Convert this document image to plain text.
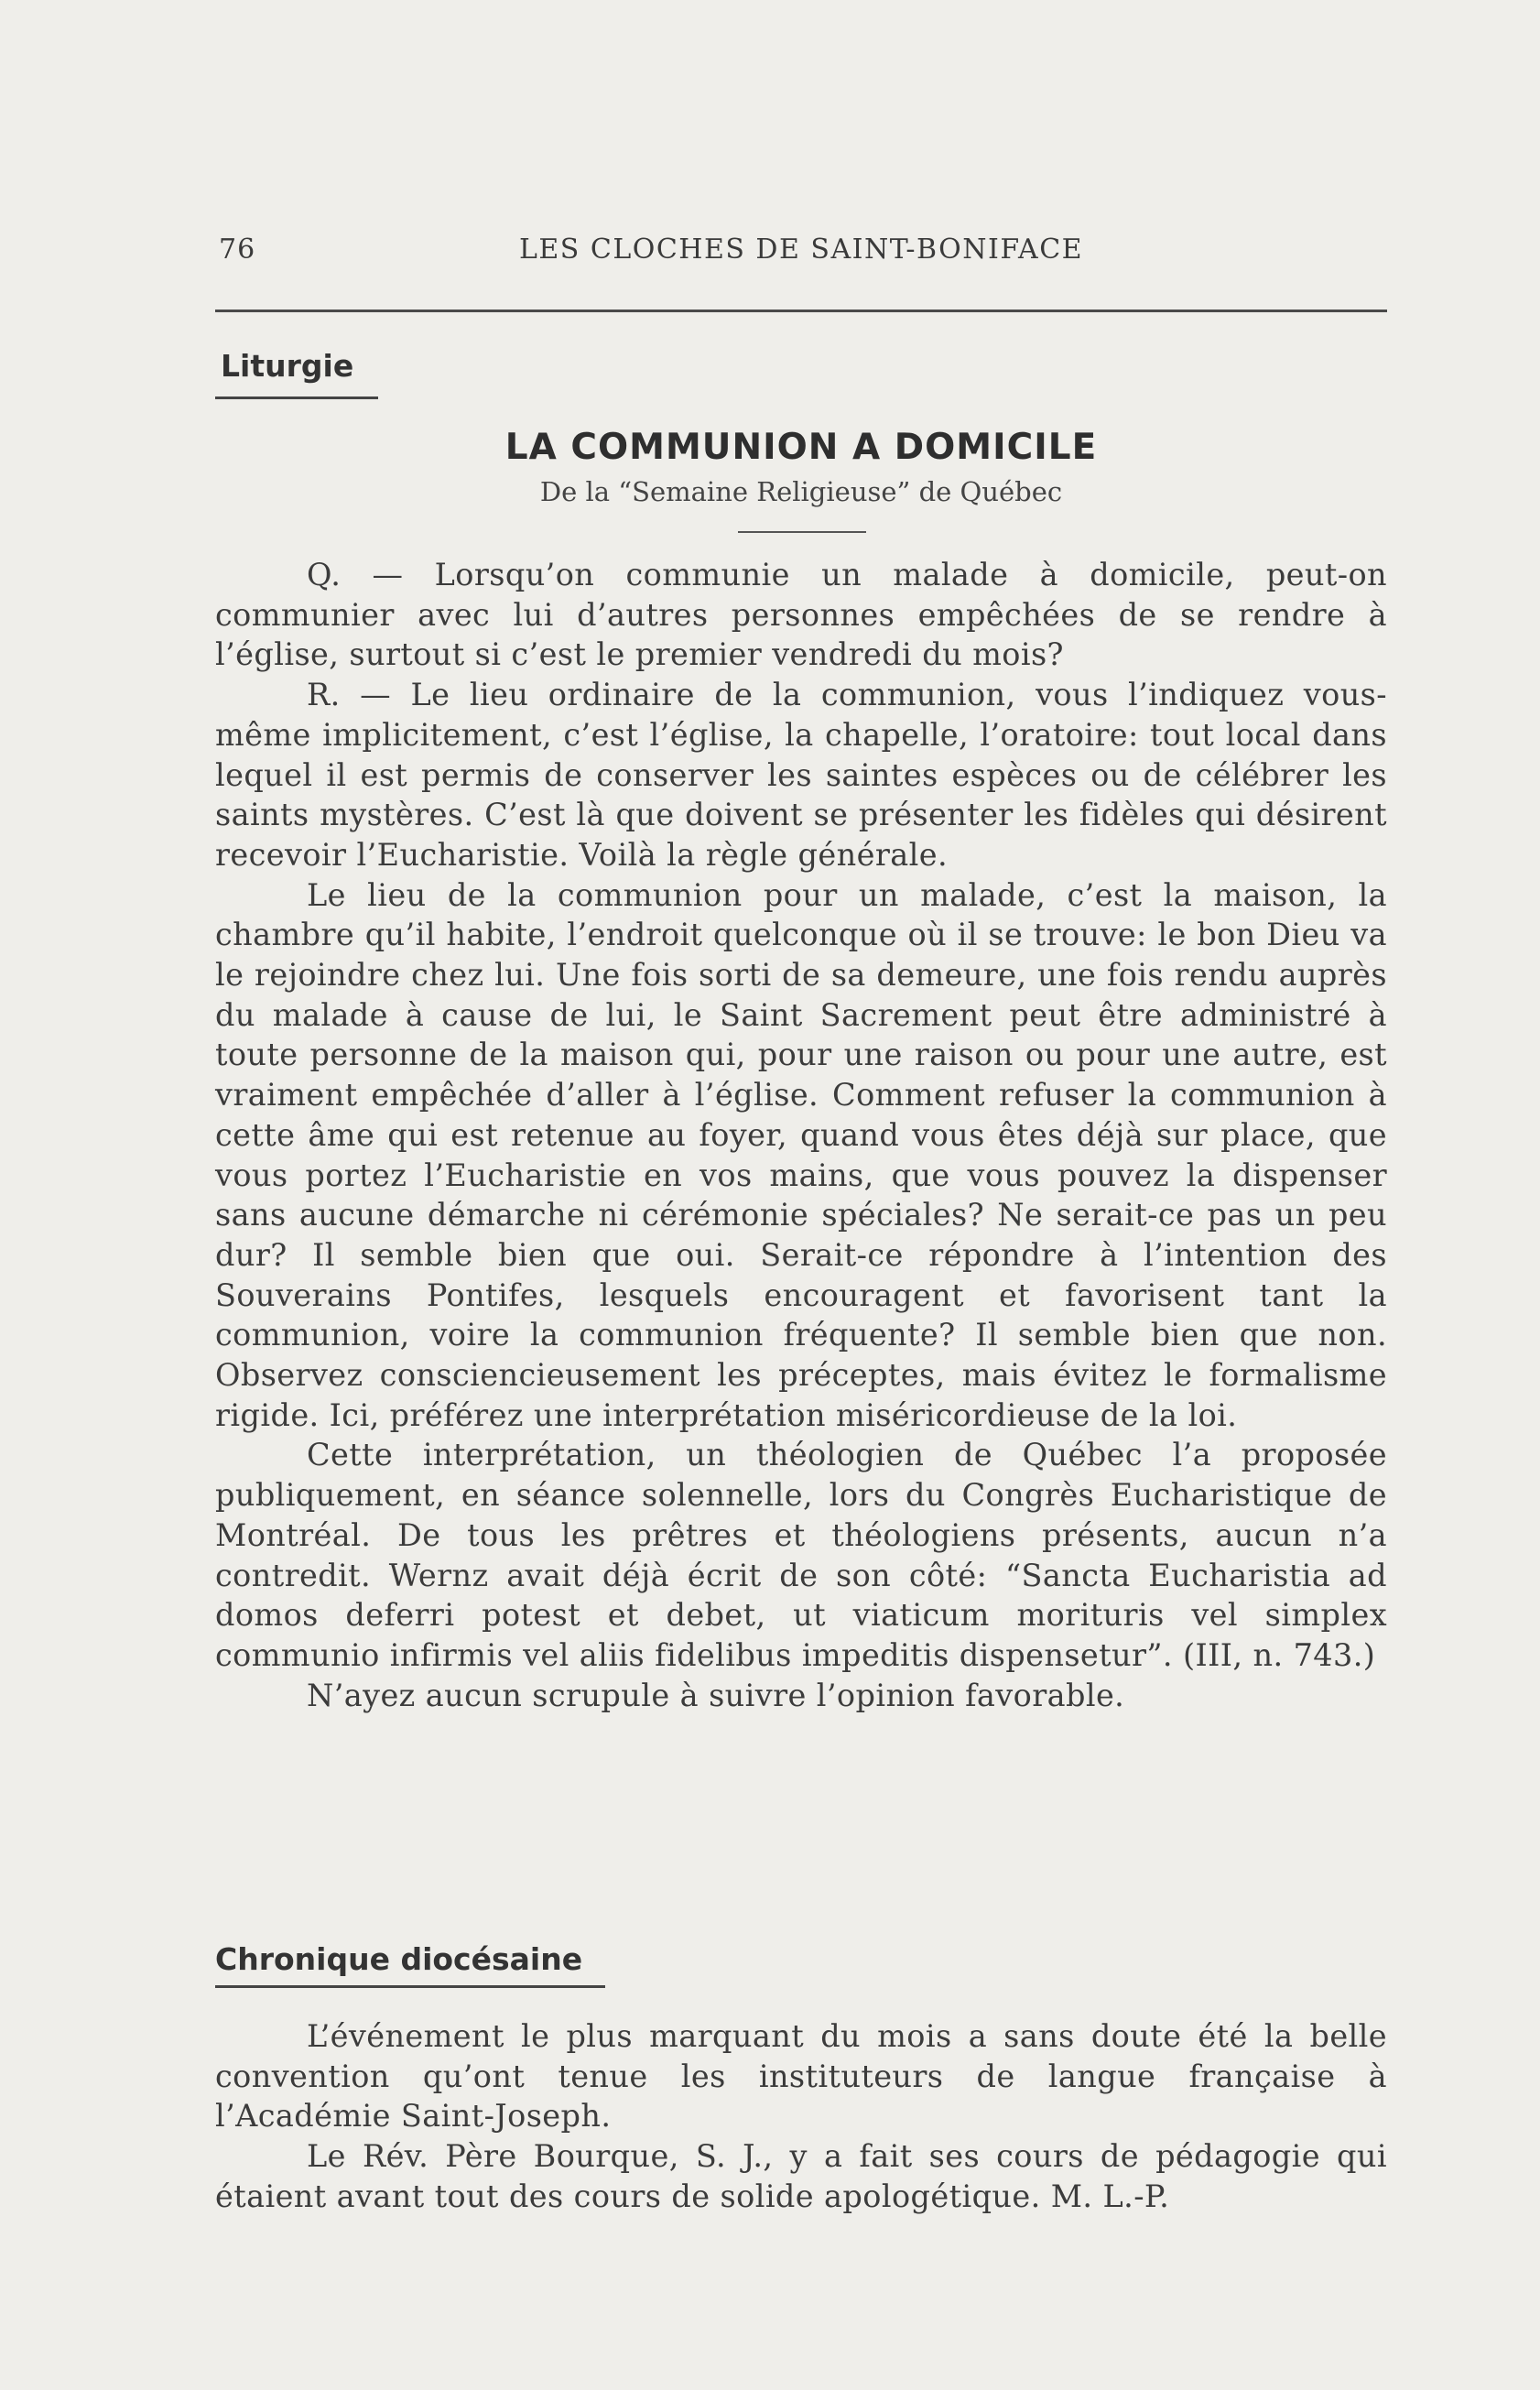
76	LES CLOCHES DE SAINT-BONIFACE
Liturgie
LA COMMUNION A DOMICILE
De la “Semaine Religieuse” de Québec

Q. — Lorsqu’on communie un malade à domicile, peut-on communier avec lui d’autres personnes empêchées de se rendre à l’église, surtout si c’est le premier vendredi du mois?

R. — Le lieu ordinaire de la communion, vous l’indiquez vous-même implicitement, c’est l’église, la chapelle, l’oratoire: tout local dans lequel il est permis de conserver les saintes espèces ou de célébrer les saints mystères. C’est là que doivent se présenter les fidèles qui désirent recevoir l’Eucharistie. Voilà la règle générale.

Le lieu de la communion pour un malade, c’est la maison, la chambre qu’il habite, l’endroit quelconque où il se trouve: le bon Dieu va le rejoindre chez lui. Une fois sorti de sa demeure, une fois rendu auprès du malade à cause de lui, le Saint Sacrement peut être administré à toute personne de la maison qui, pour une raison ou pour une autre, est vraiment empêchée d’aller à l’église. Comment refuser la communion à cette âme qui est retenue au foyer, quand vous êtes déjà sur place, que vous portez l’Eucharistie en vos mains, que vous pouvez la dispenser sans aucune démarche ni cérémonie spéciales? Ne serait-ce pas un peu dur? Il semble bien que oui. Serait-ce répondre à l’intention des Souverains Pontifes, lesquels encouragent et favorisent tant la communion, voire la communion fréquente? Il semble bien que non. Observez consciencieusement les préceptes, mais évitez le formalisme rigide. Ici, préférez une interprétation miséricordieuse de la loi.

Cette interprétation, un théologien de Québec l’a proposée publiquement, en séance solennelle, lors du Congrès Eucharistique de Montréal. De tous les prêtres et théologiens présents, aucun n’a contredit. Wernz avait déjà écrit de son côté: “Sancta Eucharistia ad domos deferri potest et debet, ut viaticum morituris vel simplex communio infirmis vel aliis fidelibus impeditis dispensetur”. (III, n. 743.)

N’ayez aucun scrupule à suivre l’opinion favorable.

Chronique diocésaine

L’événement le plus marquant du mois a sans doute été la belle convention qu’ont tenue les instituteurs de langue française à l’Académie Saint-Joseph.

Le Rév. Père Bourque, S. J., y a fait ses cours de pédagogie qui étaient avant tout des cours de solide apologétique. M. L.-P.
